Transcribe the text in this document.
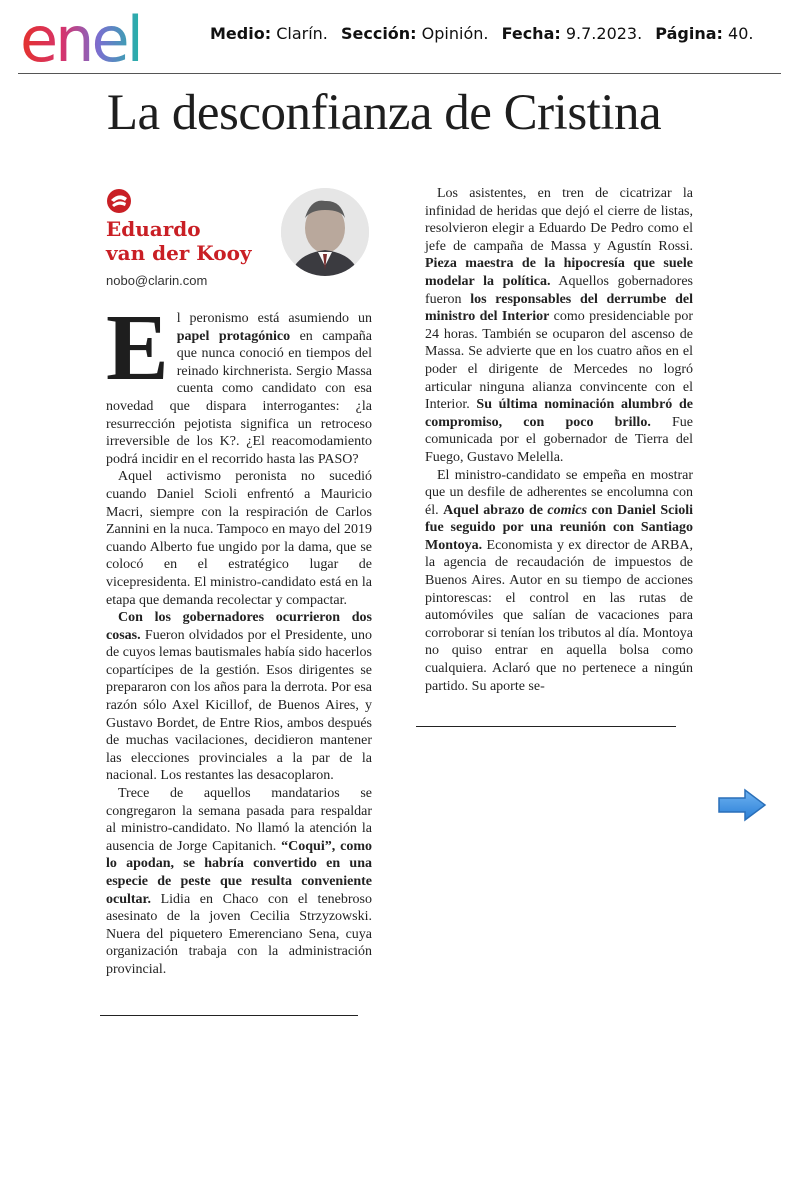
enel	Medio: Clarín. Sección: Opinión. Fecha: 9.7.2023. Página: 40.
La desconfianza de Cristina
Eduardo
van der Kooy
nobo@clarin.com

El peronismo está asumiendo un papel protagónico en campaña que nunca conoció en tiempos del reinado kirchnerista. Sergio Massa cuenta como candidato con esa novedad que dispara interrogantes: ¿la resurrección pejotista significa un retroceso irreversible de los K?. ¿El reacomodamiento podrá incidir en el recorrido hasta las PASO?

Aquel activismo peronista no sucedió cuando Daniel Scioli enfrentó a Mauricio Macri, siempre con la respiración de Carlos Zannini en la nuca. Tampoco en mayo del 2019 cuando Alberto fue ungido por la dama, que se colocó en el estratégico lugar de vicepresidenta. El ministro-candidato está en la etapa que demanda recolectar y compactar.

Con los gobernadores ocurrieron dos cosas. Fueron olvidados por el Presidente, uno de cuyos lemas bautismales había sido hacerlos copartícipes de la gestión. Esos dirigentes se prepararon con los años para la derrota. Por esa razón sólo Axel Kicillof, de Buenos Aires, y Gustavo Bordet, de Entre Rios, ambos después de muchas vacilaciones, decidieron mantener las elecciones provinciales a la par de la nacional. Los restantes las desacoplaron.

Trece de aquellos mandatarios se congregaron la semana pasada para respaldar al ministro-candidato. No llamó la atención la ausencia de Jorge Capitanich. “Coqui”, como lo apodan, se habría convertido en una especie de peste que resulta conveniente ocultar. Lidia en Chaco con el tenebroso asesinato de la joven Cecilia Strzyzowski. Nuera del piquetero Emerenciano Sena, cuya organización trabaja con la administración provincial.

Los asistentes, en tren de cicatrizar la infinidad de heridas que dejó el cierre de listas, resolvieron elegir a Eduardo De Pedro como el jefe de campaña de Massa y Agustín Rossi. Pieza maestra de la hipocresía que suele modelar la política. Aquellos gobernadores fueron los responsables del derrumbe del ministro del Interior como presidenciable por 24 horas. También se ocuparon del ascenso de Massa. Se advierte que en los cuatro años en el poder el dirigente de Mercedes no logró articular ninguna alianza convincente con el Interior. Su última nominación alumbró de compromiso, con poco brillo. Fue comunicada por el gobernador de Tierra del Fuego, Gustavo Melella.

El ministro-candidato se empeña en mostrar que un desfile de adherentes se encolumna con él. Aquel abrazo de comics con Daniel Scioli fue seguido por una reunión con Santiago Montoya. Economista y ex director de ARBA, la agencia de recaudación de impuestos de Buenos Aires. Autor en su tiempo de acciones pintorescas: el control en las rutas de automóviles que salían de vacaciones para corroborar si tenían los tributos al día. Montoya no quiso entrar en aquella bolsa como cualquiera. Aclaró que no pertenece a ningún partido. Su aporte se-
